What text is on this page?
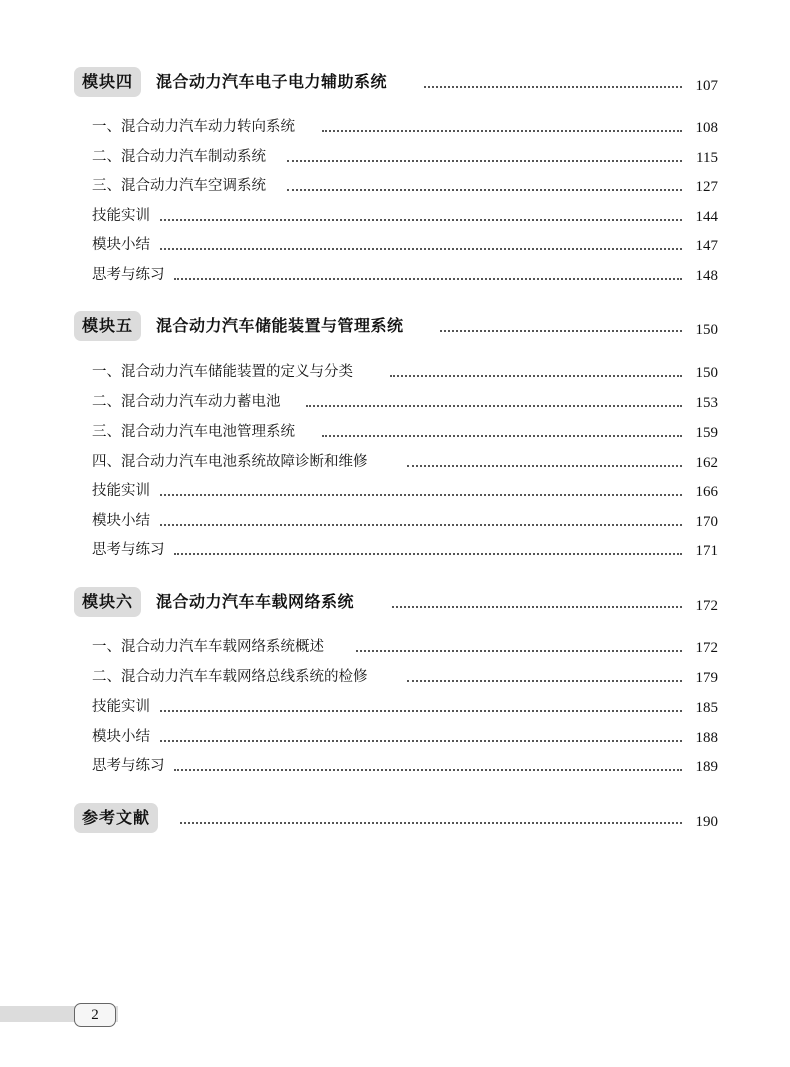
模块四	混合动力汽车电子电力辅助系统	107
一、混合动力汽车动力转向系统	108
二、混合动力汽车制动系统	115
三、混合动力汽车空调系统	127
技能实训	144
模块小结	147
思考与练习	148
模块五	混合动力汽车储能装置与管理系统	150
一、混合动力汽车储能装置的定义与分类	150
二、混合动力汽车动力蓄电池	153
三、混合动力汽车电池管理系统	159
四、混合动力汽车电池系统故障诊断和维修	162
技能实训	166
模块小结	170
思考与练习	171
模块六	混合动力汽车车载网络系统	172
一、混合动力汽车车载网络系统概述	172
二、混合动力汽车车载网络总线系统的检修	179
技能实训	185
模块小结	188
思考与练习	189
参考文献	190
2
